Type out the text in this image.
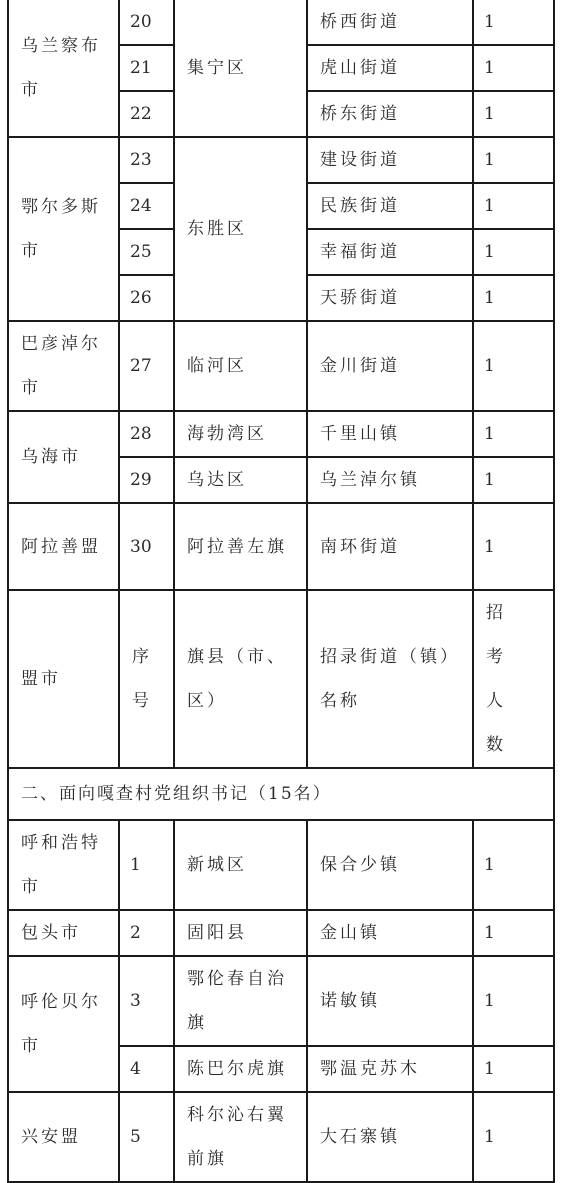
乌兰察布市	20	集宁区	桥西街道	1
	21		虎山街道	1
	22		桥东街道	1
鄂尔多斯市	23	东胜区	建设街道	1
	24		民族街道	1
	25		幸福街道	1
	26		天骄街道	1
巴彦淖尔市	27	临河区	金川街道	1
乌海市	28	海勃湾区	千里山镇	1
	29	乌达区	乌兰淖尔镇	1
阿拉善盟	30	阿拉善左旗	南环街道	1
盟市	序号	旗县（市、区）	招录街道（镇）名称	招考人数
二、面向嘎查村党组织书记（15名）				
呼和浩特市	1	新城区	保合少镇	1
包头市	2	固阳县	金山镇	1
呼伦贝尔市	3	鄂伦春自治旗	诺敏镇	1
	4	陈巴尔虎旗	鄂温克苏木	1
兴安盟	5	科尔沁右翼前旗	大石寨镇	1
